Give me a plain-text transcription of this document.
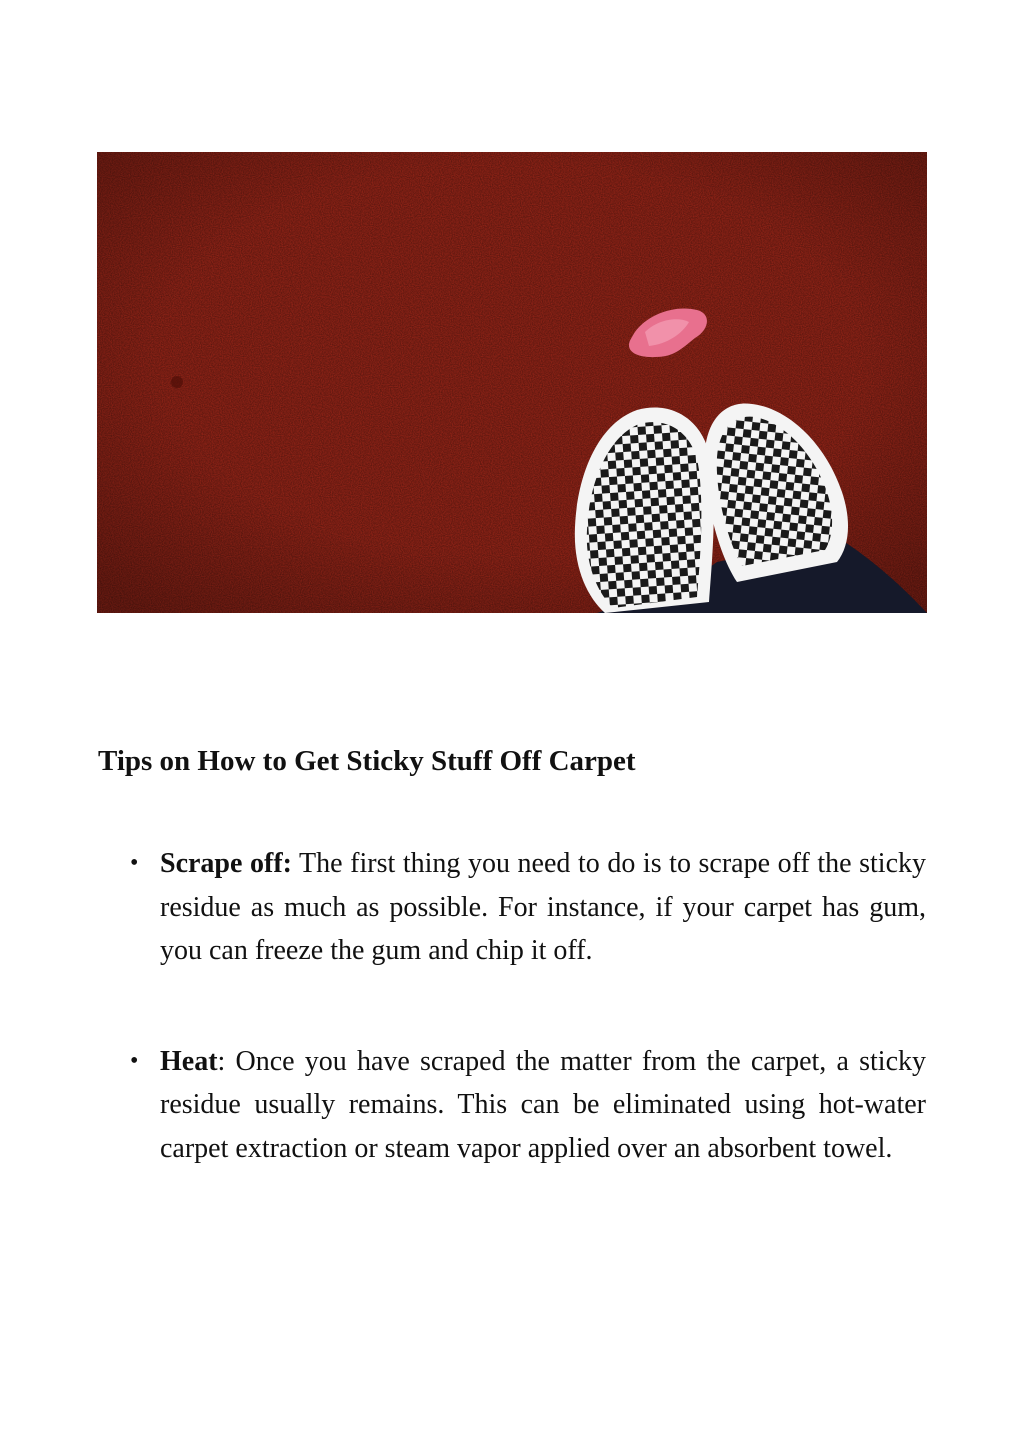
Tips on How to Get Sticky Stuff Off Carpet
• Scrape off: The first thing you need to do is to scrape off the sticky residue as much as possible. For instance, if your carpet has gum, you can freeze the gum and chip it off.
• Heat: Once you have scraped the matter from the carpet, a sticky residue usually remains. This can be eliminated using hot-water carpet extraction or steam vapor applied over an absorbent towel.
